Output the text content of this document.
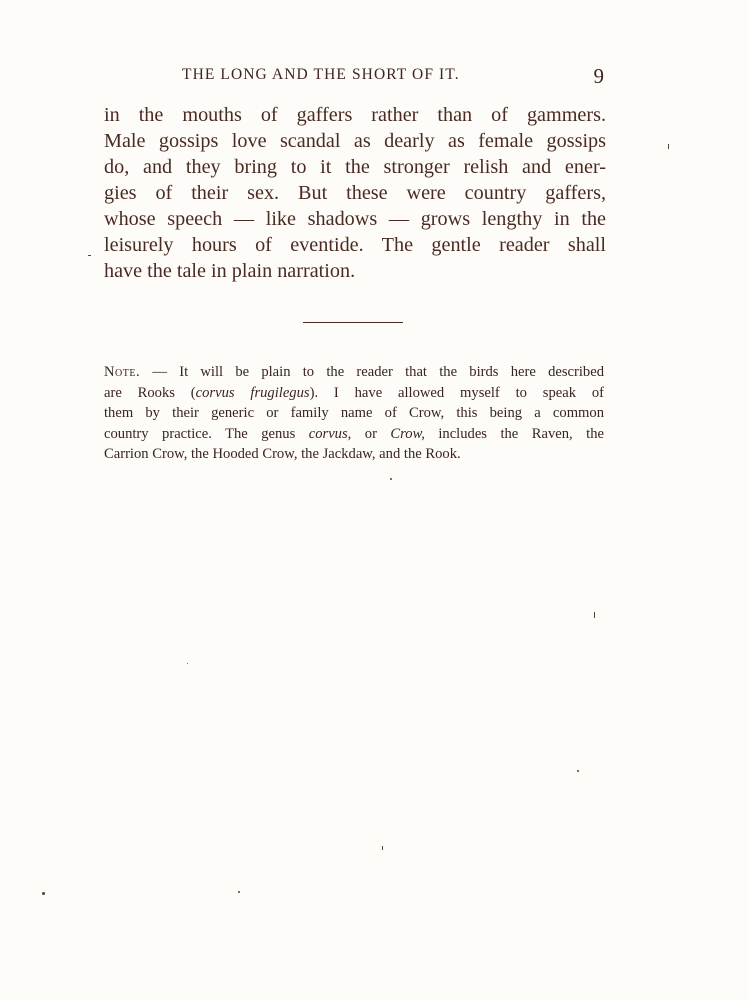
THE LONG AND THE SHORT OF IT.	9
in the mouths of gaffers rather than of gammers.
Male gossips love scandal as dearly as female gossips
do, and they bring to it the stronger relish and ener-
gies of their sex. But these were country gaffers,
whose speech — like shadows — grows lengthy in the
leisurely hours of eventide. The gentle reader shall
have the tale in plain narration.
Note. — It will be plain to the reader that the birds here described
are Rooks (corvus frugilegus). I have allowed myself to speak of
them by their generic or family name of Crow, this being a common
country practice. The genus corvus, or Crow, includes the Raven, the
Carrion Crow, the Hooded Crow, the Jackdaw, and the Rook.
